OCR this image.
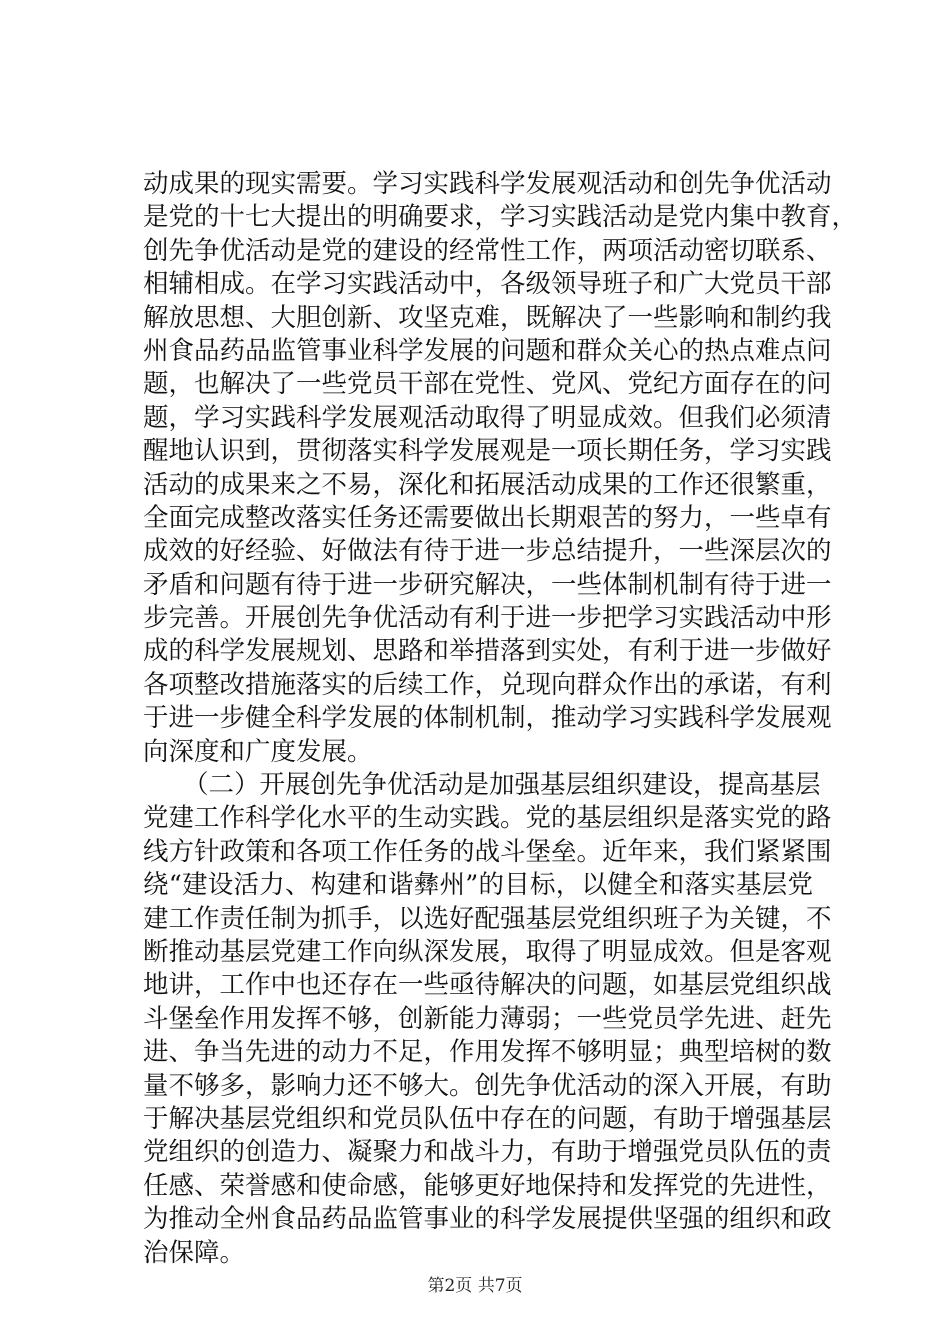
动成果的现实需要。学习实践科学发展观活动和创先争优活动
是党的十七大提出的明确要求，学习实践活动是党内集中教育，
创先争优活动是党的建设的经常性工作，两项活动密切联系、
相辅相成。在学习实践活动中，各级领导班子和广大党员干部
解放思想、大胆创新、攻坚克难，既解决了一些影响和制约我
州食品药品监管事业科学发展的问题和群众关心的热点难点问
题，也解决了一些党员干部在党性、党风、党纪方面存在的问
题，学习实践科学发展观活动取得了明显成效。但我们必须清
醒地认识到，贯彻落实科学发展观是一项长期任务，学习实践
活动的成果来之不易，深化和拓展活动成果的工作还很繁重，
全面完成整改落实任务还需要做出长期艰苦的努力，一些卓有
成效的好经验、好做法有待于进一步总结提升，一些深层次的
矛盾和问题有待于进一步研究解决，一些体制机制有待于进一
步完善。开展创先争优活动有利于进一步把学习实践活动中形
成的科学发展规划、思路和举措落到实处，有利于进一步做好
各项整改措施落实的后续工作，兑现向群众作出的承诺，有利
于进一步健全科学发展的体制机制，推动学习实践科学发展观
向深度和广度发展。
（二）开展创先争优活动是加强基层组织建设，提高基层
党建工作科学化水平的生动实践。党的基层组织是落实党的路
线方针政策和各项工作任务的战斗堡垒。近年来，我们紧紧围
绕“建设活力、构建和谐彝州”的目标，以健全和落实基层党
建工作责任制为抓手，以选好配强基层党组织班子为关键，不
断推动基层党建工作向纵深发展，取得了明显成效。但是客观
地讲，工作中也还存在一些亟待解决的问题，如基层党组织战
斗堡垒作用发挥不够，创新能力薄弱；一些党员学先进、赶先
进、争当先进的动力不足，作用发挥不够明显；典型培树的数
量不够多，影响力还不够大。创先争优活动的深入开展，有助
于解决基层党组织和党员队伍中存在的问题，有助于增强基层
党组织的创造力、凝聚力和战斗力，有助于增强党员队伍的责
任感、荣誉感和使命感，能够更好地保持和发挥党的先进性，
为推动全州食品药品监管事业的科学发展提供坚强的组织和政
治保障。
第2页 共7页
